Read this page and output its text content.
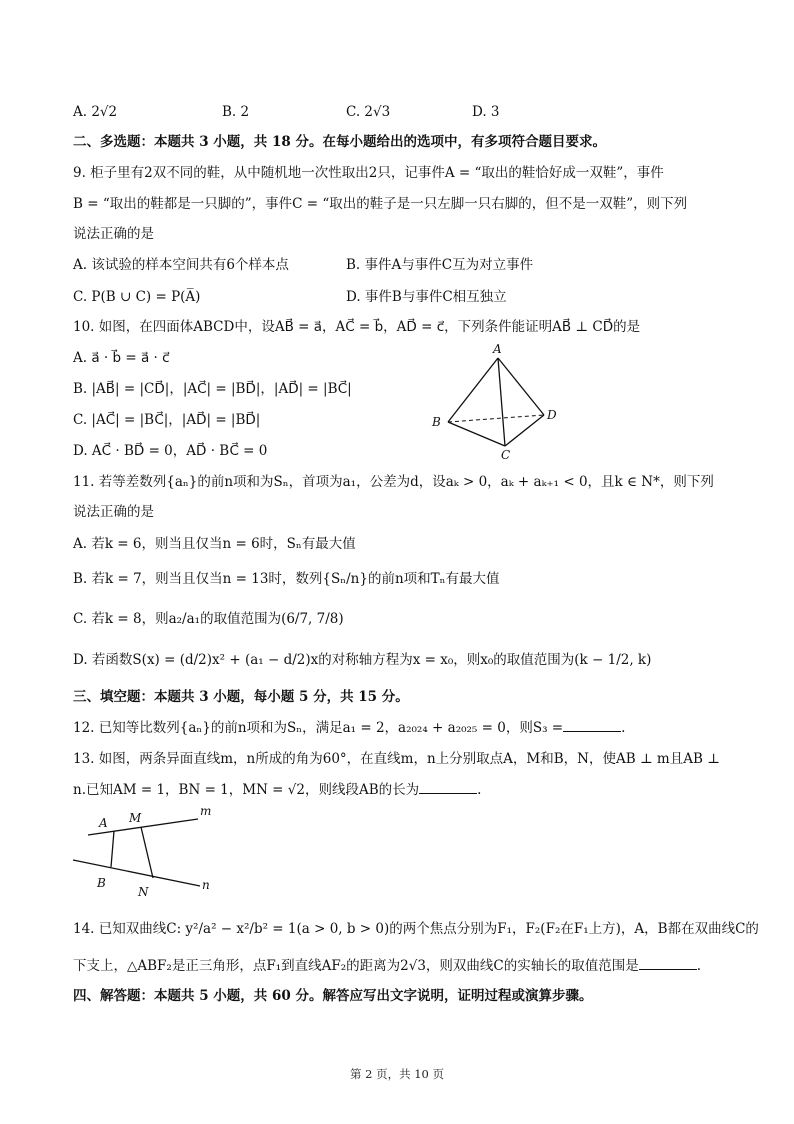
A. 2√2	B. 2	C. 2√3	D. 3
二、多选题：本题共 3 小题，共 18 分。在每小题给出的选项中，有多项符合题目要求。
9. 柜子里有2双不同的鞋，从中随机地一次性取出2只，记事件A = “取出的鞋恰好成一双鞋”，事件
B = “取出的鞋都是一只脚的”，事件C = “取出的鞋子是一只左脚一只右脚的，但不是一双鞋”，则下列
说法正确的是
A. 该试验的样本空间共有6个样本点	B. 事件A与事件C互为对立事件
C. P(B ∪ C) = P(A̅)	D. 事件B与事件C相互独立
10. 如图，在四面体ABCD中，设AB⃗ = a⃗，AC⃗ = b⃗，AD⃗ = c⃗，下列条件能证明AB⃗ ⊥ CD⃗的是
A. a⃗ · b⃗ = a⃗ · c⃗
B. |AB⃗| = |CD⃗|，|AC⃗| = |BD⃗|，|AD⃗| = |BC⃗|
C. |AC⃗| = |BC⃗|，|AD⃗| = |BD⃗|
D. AC⃗ · BD⃗ = 0，AD⃗ · BC⃗ = 0
A
B
C
D
11. 若等差数列{aₙ}的前n项和为Sₙ，首项为a₁，公差为d，设aₖ > 0，aₖ + aₖ₊₁ < 0，且k ∈ N*，则下列
说法正确的是
A. 若k = 6，则当且仅当n = 6时，Sₙ有最大值
B. 若k = 7，则当且仅当n = 13时，数列{Sₙ/n}的前n项和Tₙ有最大值
C. 若k = 8，则a₂/a₁的取值范围为(6/7, 7/8)
D. 若函数S(x) = (d/2)x² + (a₁ − d/2)x的对称轴方程为x = x₀，则x₀的取值范围为(k − 1/2, k)
三、填空题：本题共 3 小题，每小题 5 分，共 15 分。
12. 已知等比数列{aₙ}的前n项和为Sₙ，满足a₁ = 2，a₂₀₂₄ + a₂₀₂₅ = 0，则S₃ =	.
13. 如图，两条异面直线m，n所成的角为60°，在直线m，n上分别取点A，M和B，N，使AB ⊥ m且AB ⊥
n.已知AM = 1，BN = 1，MN = √2，则线段AB的长为	.
A M	m
B
N	n
14. 已知双曲线C: y²/a² − x²/b² = 1(a > 0, b > 0)的两个焦点分别为F₁，F₂(F₂在F₁上方)，A，B都在双曲线C的
下支上，△ABF₂是正三角形，点F₁到直线AF₂的距离为2√3，则双曲线C的实轴长的取值范围是	.
四、解答题：本题共 5 小题，共 60 分。解答应写出文字说明，证明过程或演算步骤。
第 2 页，共 10 页
